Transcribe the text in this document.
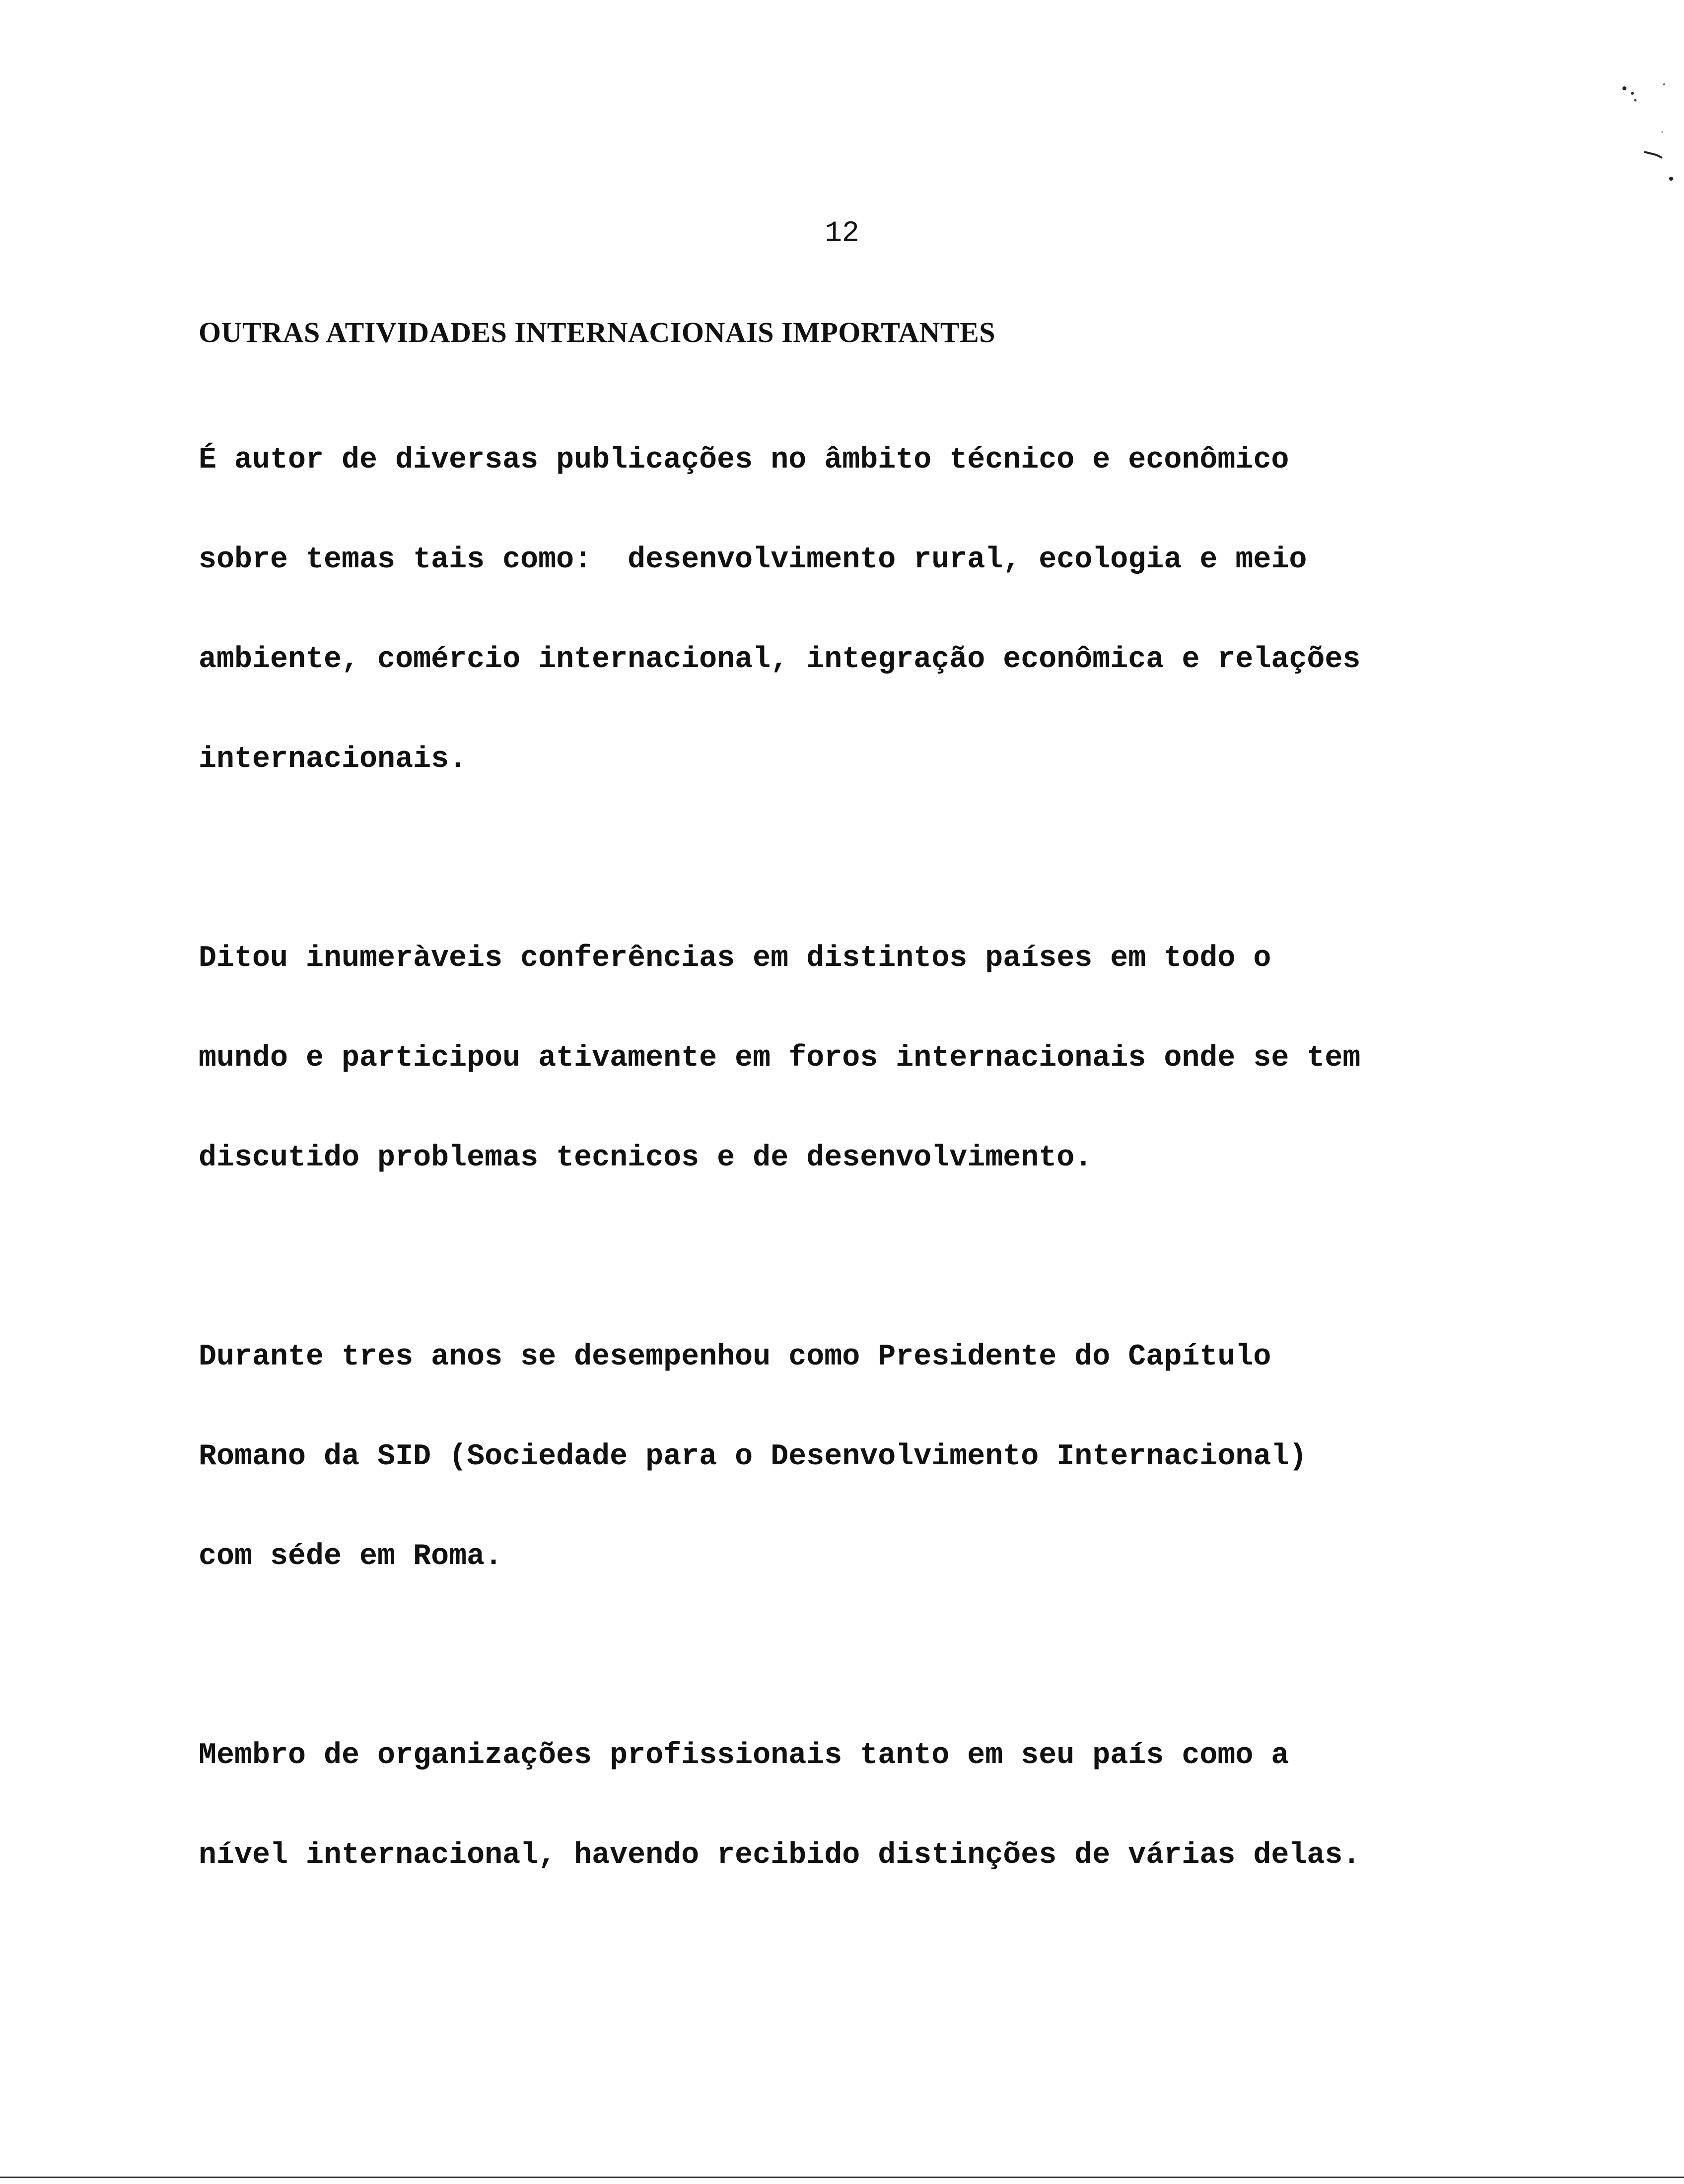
12
OUTRAS ATIVIDADES INTERNACIONAIS IMPORTANTES

É autor de diversas publicações no âmbito técnico e econômico

sobre temas tais como:  desenvolvimento rural, ecologia e meio

ambiente, comércio internacional, integração econômica e relações

internacionais.

Ditou inumeràveis conferências em distintos países em todo o

mundo e participou ativamente em foros internacionais onde se tem

discutido problemas tecnicos e de desenvolvimento.

Durante tres anos se desempenhou como Presidente do Capítulo

Romano da SID (Sociedade para o Desenvolvimento Internacional)

com séde em Roma.

Membro de organizações profissionais tanto em seu país como a

nível internacional, havendo recibido distinções de várias delas.
